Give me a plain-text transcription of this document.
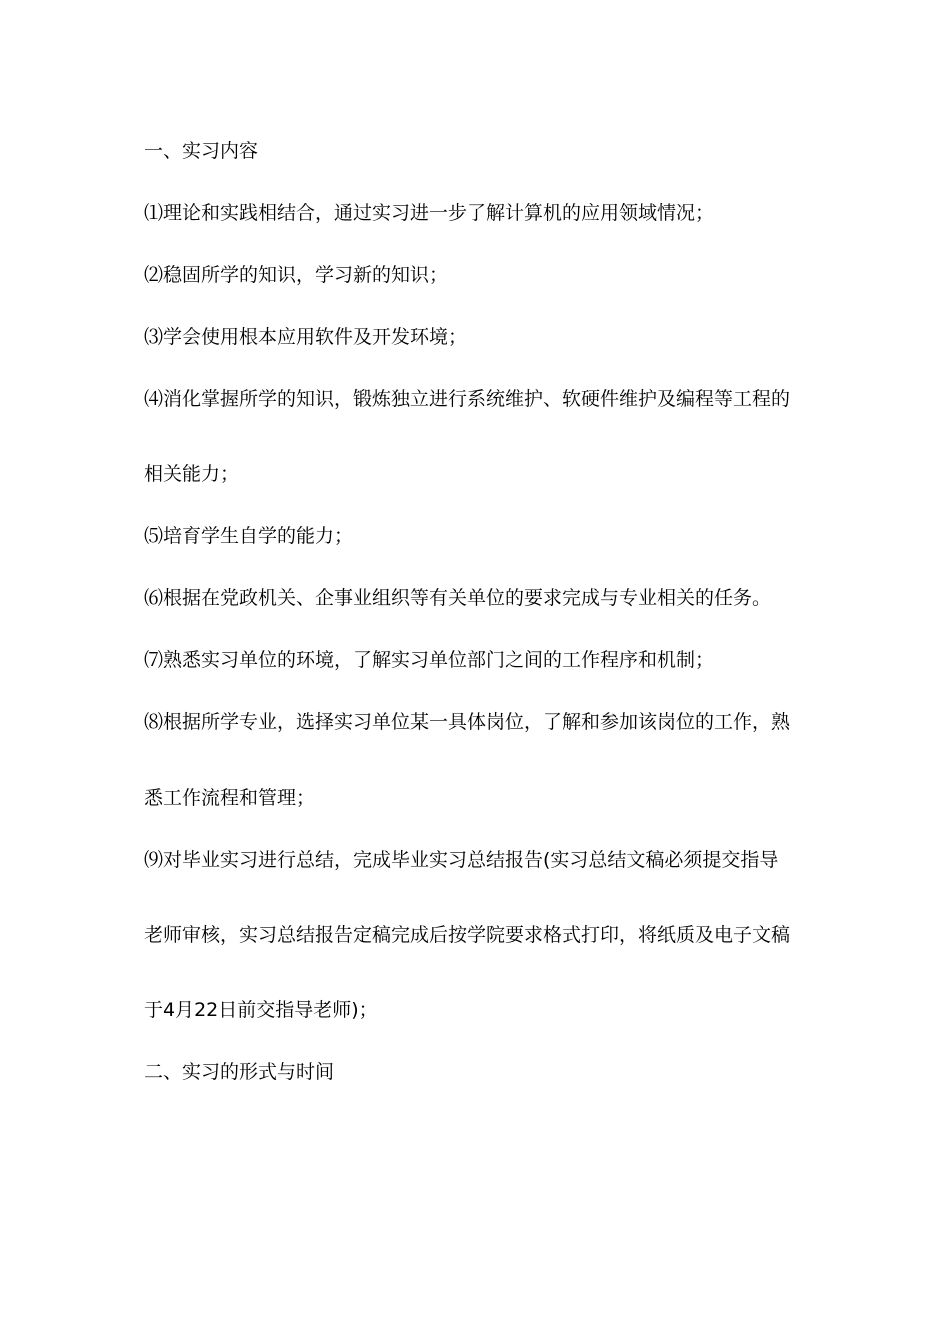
一、实习内容
⑴理论和实践相结合，通过实习进一步了解计算机的应用领域情况；
⑵稳固所学的知识，学习新的知识；
⑶学会使用根本应用软件及开发环境；
⑷消化掌握所学的知识，锻炼独立进行系统维护、软硬件维护及编程等工程的
相关能力；
⑸培育学生自学的能力；
⑹根据在党政机关、企事业组织等有关单位的要求完成与专业相关的任务。
⑺熟悉实习单位的环境，了解实习单位部门之间的工作程序和机制；
⑻根据所学专业，选择实习单位某一具体岗位，了解和参加该岗位的工作，熟
悉工作流程和管理；
⑼对毕业实习进行总结，完成毕业实习总结报告(实习总结文稿必须提交指导
老师审核，实习总结报告定稿完成后按学院要求格式打印，将纸质及电子文稿
于4月22日前交指导老师)；
二、实习的形式与时间
